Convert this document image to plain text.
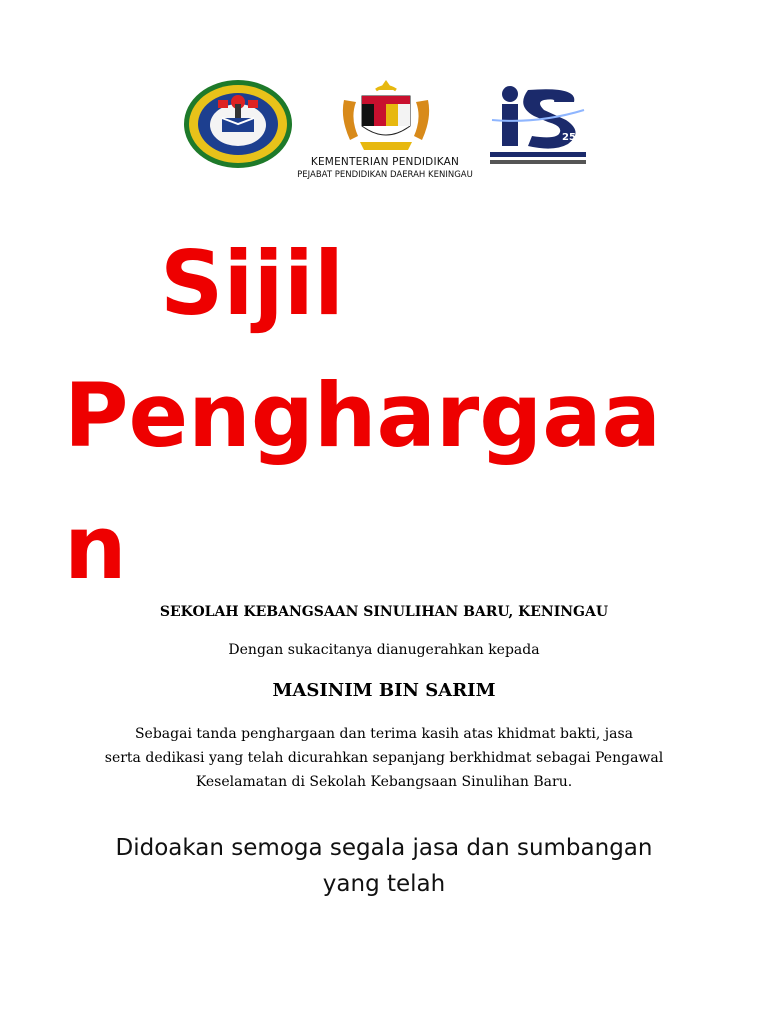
25
KEMENTERIAN PENDIDIKAN
PEJABAT PENDIDIKAN DAERAH KENINGAU
Sijil
Penghargaa
n
SEKOLAH KEBANGSAAN SINULIHAN BARU, KENINGAU
Dengan sukacitanya dianugerahkan kepada
MASINIM BIN SARIM
Sebagai tanda penghargaan dan terima kasih atas khidmat bakti, jasa
serta dedikasi yang telah dicurahkan sepanjang berkhidmat sebagai Pengawal
Keselamatan di Sekolah Kebangsaan Sinulihan Baru.
Didoakan semoga segala jasa dan sumbangan
yang telah
